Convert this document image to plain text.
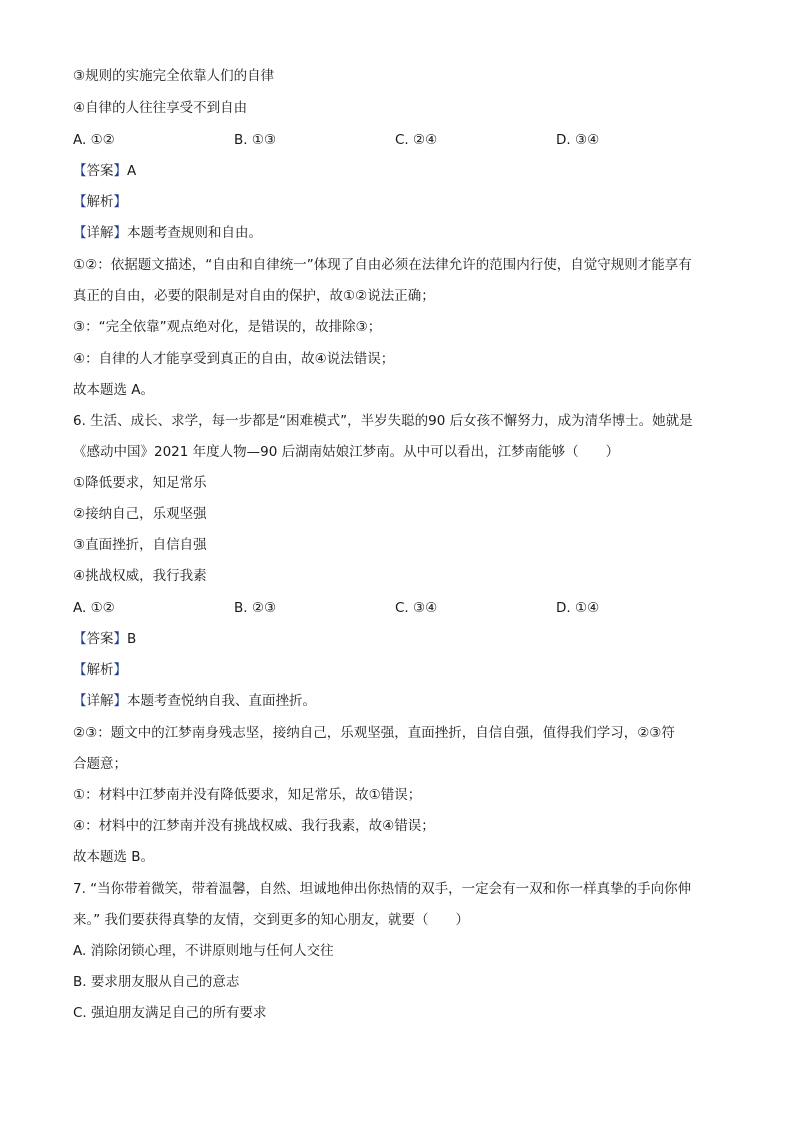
③规则的实施完全依靠人们的自律
④自律的人往往享受不到自由
A. ①②	B. ①③	C. ②④	D. ③④
【答案】A
【解析】
【详解】本题考查规则和自由。
①②：依据题文描述，“自由和自律统一”体现了自由必须在法律允许的范围内行使，自觉守规则才能享有
真正的自由，必要的限制是对自由的保护，故①②说法正确；
③：“完全依靠”观点绝对化，是错误的，故排除③；
④：自律的人才能享受到真正的自由，故④说法错误；
故本题选 A。
6. 生活、成长、求学，每一步都是“困难模式”，半岁失聪的90 后女孩不懈努力，成为清华博士。她就是
《感动中国》2021 年度人物—90 后湖南姑娘江梦南。从中可以看出，江梦南能够（　　）
①降低要求，知足常乐
②接纳自己，乐观坚强
③直面挫折，自信自强
④挑战权威，我行我素
A. ①②	B. ②③	C. ③④	D. ①④
【答案】B
【解析】
【详解】本题考查悦纳自我、直面挫折。
②③：题文中的江梦南身残志坚，接纳自己，乐观坚强，直面挫折，自信自强，值得我们学习，②③符
合题意；
①：材料中江梦南并没有降低要求，知足常乐，故①错误；
④：材料中的江梦南并没有挑战权威、我行我素，故④错误；
故本题选 B。
7. “当你带着微笑，带着温馨，自然、坦诚地伸出你热情的双手，一定会有一双和你一样真挚的手向你伸
来。” 我们要获得真挚的友情，交到更多的知心朋友，就要（　　）
A. 消除闭锁心理，不讲原则地与任何人交往
B. 要求朋友服从自己的意志
C. 强迫朋友满足自己的所有要求
